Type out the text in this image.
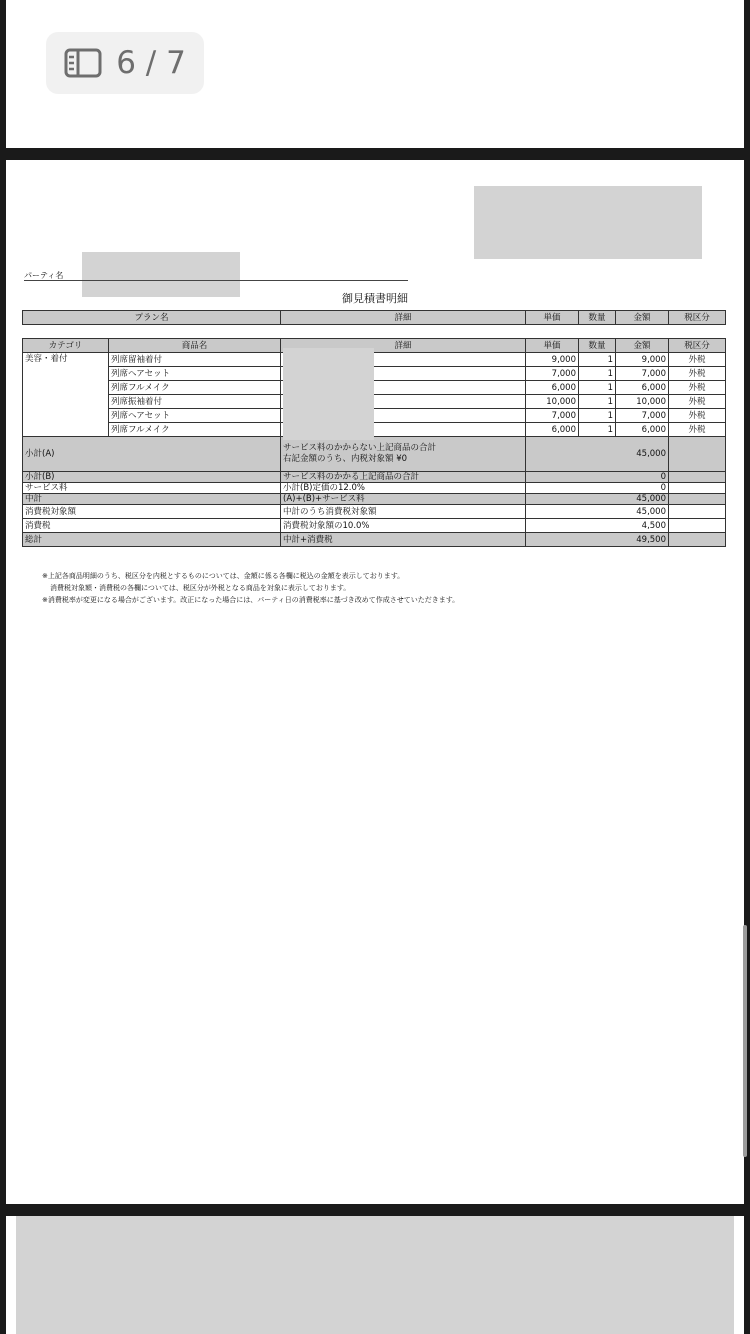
6 / 7
パーティ名
御見積書明細
プラン名	詳細	単価	数量	金額	税区分
カテゴリ	商品名	詳細	単価	数量	金額	税区分
美容・着付	列席留袖着付		9,000	1	9,000	外税
	列席ヘアセット		7,000	1	7,000	外税
	列席フルメイク		6,000	1	6,000	外税
	列席振袖着付		10,000	1	10,000	外税
	列席ヘアセット		7,000	1	7,000	外税
	列席フルメイク		6,000	1	6,000	外税
小計(A)		サービス料のかからない上記商品の合計
右記金額のうち、内税対象額 ¥0	45,000			
小計(B)		サービス料のかかる上記商品の合計	0			
サービス料		小計(B)定価の12.0%	0			
中計		(A)+(B)+サービス料	45,000			
消費税対象額		中計のうち消費税対象額	45,000			
消費税		消費税対象額の10.0%	4,500			
総計		中計+消費税	49,500			
※上記各商品明細のうち、税区分を内税とするものについては、金額に係る各欄に税込の金額を表示しております。
消費税対象額・消費税の各欄については、税区分が外税となる商品を対象に表示しております。
※消費税率が変更になる場合がございます。改正になった場合には、パーティ日の消費税率に基づき改めて作成させていただきます。
